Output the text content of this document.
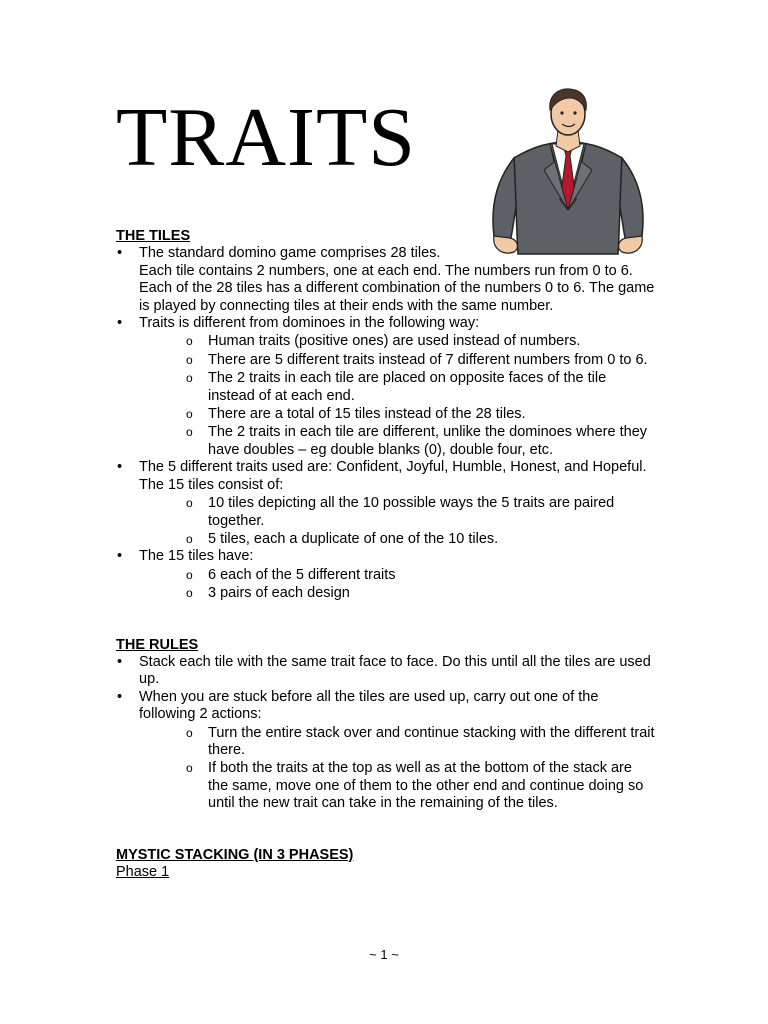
TRAITS

THE TILES

• The standard domino game comprises 28 tiles.
Each tile contains 2 numbers, one at each end. The numbers run from 0 to 6. Each of the 28 tiles has a different combination of the numbers 0 to 6. The game is played by connecting tiles at their ends with the same number.
• Traits is different from dominoes in the following way:
o Human traits (positive ones) are used instead of numbers.
o There are 5 different traits instead of 7 different numbers from 0 to 6.
o The 2 traits in each tile are placed on opposite faces of the tile instead of at each end.
o There are a total of 15 tiles instead of the 28 tiles.
o The 2 traits in each tile are different, unlike the dominoes where they have doubles – eg double blanks (0), double four, etc.
• The 5 different traits used are: Confident, Joyful, Humble, Honest, and Hopeful. The 15 tiles consist of:
o 10 tiles depicting all the 10 possible ways the 5 traits are paired together.
o 5 tiles, each a duplicate of one of the 10 tiles.
• The 15 tiles have:
o 6 each of the 5 different traits
o 3 pairs of each design

THE RULES

• Stack each tile with the same trait face to face. Do this until all the tiles are used up.
• When you are stuck before all the tiles are used up, carry out one of the following 2 actions:
o Turn the entire stack over and continue stacking with the different trait there.
o If both the traits at the top as well as at the bottom of the stack are the same, move one of them to the other end and continue doing so until the new trait can take in the remaining of the tiles.

MYSTIC STACKING (IN 3 PHASES)

Phase 1

~ 1 ~
